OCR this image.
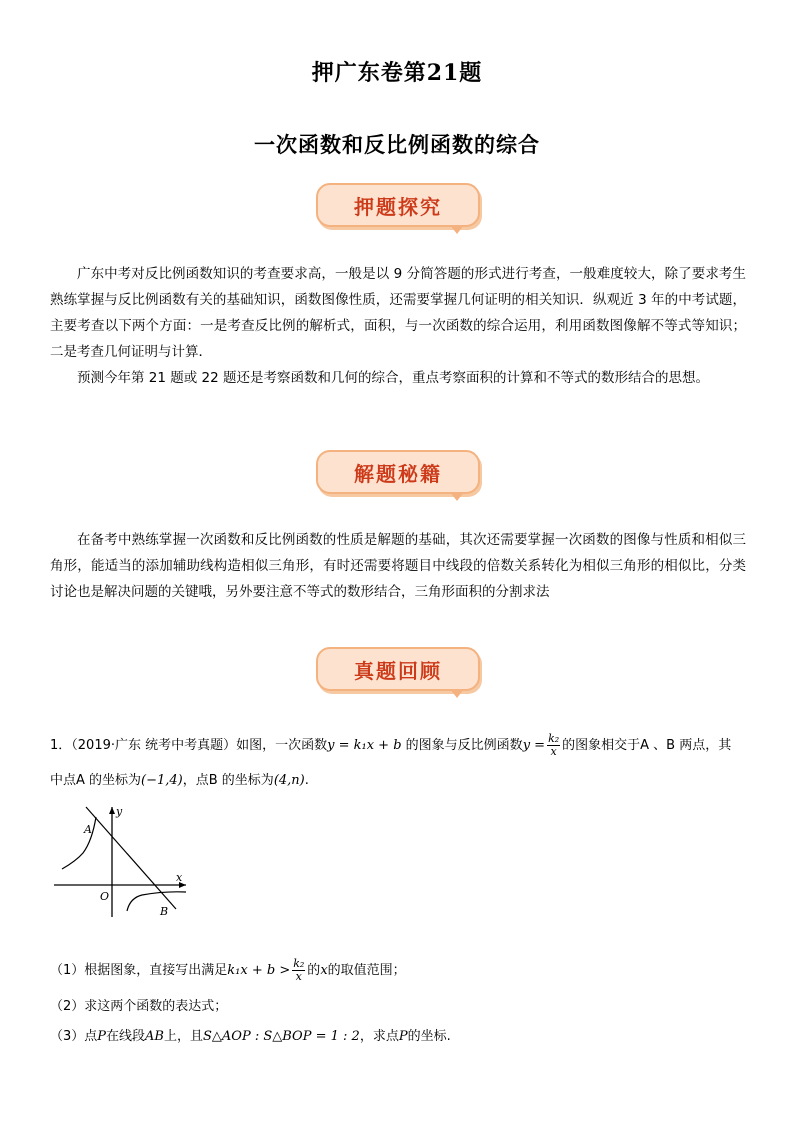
押广东卷第21题
一次函数和反比例函数的综合
押题探究

广东中考对反比例函数知识的考查要求高，一般是以 9 分简答题的形式进行考查，一般难度较大，除了要求考生熟练掌握与反比例函数有关的基础知识，函数图像性质，还需要掌握几何证明的相关知识．纵观近 3 年的中考试题，主要考查以下两个方面：一是考查反比例的解析式，面积，与一次函数的综合运用，利用函数图像解不等式等知识；二是考查几何证明与计算．

预测今年第 21 题或 22 题还是考察函数和几何的综合，重点考察面积的计算和不等式的数形结合的思想。

解题秘籍

在备考中熟练掌握一次函数和反比例函数的性质是解题的基础，其次还需要掌握一次函数的图像与性质和相似三角形，能适当的添加辅助线构造相似三角形，有时还需要将题目中线段的倍数关系转化为相似三角形的相似比，分类讨论也是解决问题的关键哦，另外要注意不等式的数形结合，三角形面积的分割求法

真题回顾
1．（2019·广东 统考中考真题）如图，一次函数y = k₁x + b 的图象与反比例函数$y = \frac{\text{k₂}}{x}$ 的图象相交于A 、B 两点，其
中点A 的坐标为(−1,4)，点B 的坐标为(4,n).
y
x
O
A
B
（1）根据图象，直接写出满足$k_1x + b > \frac{\text{k₂}}{x}$ 的x的取值范围；
（2）求这两个函数的表达式；
（3）点P在线段AB上，且S△AOP : S△BOP = 1 : 2，求点P的坐标.
